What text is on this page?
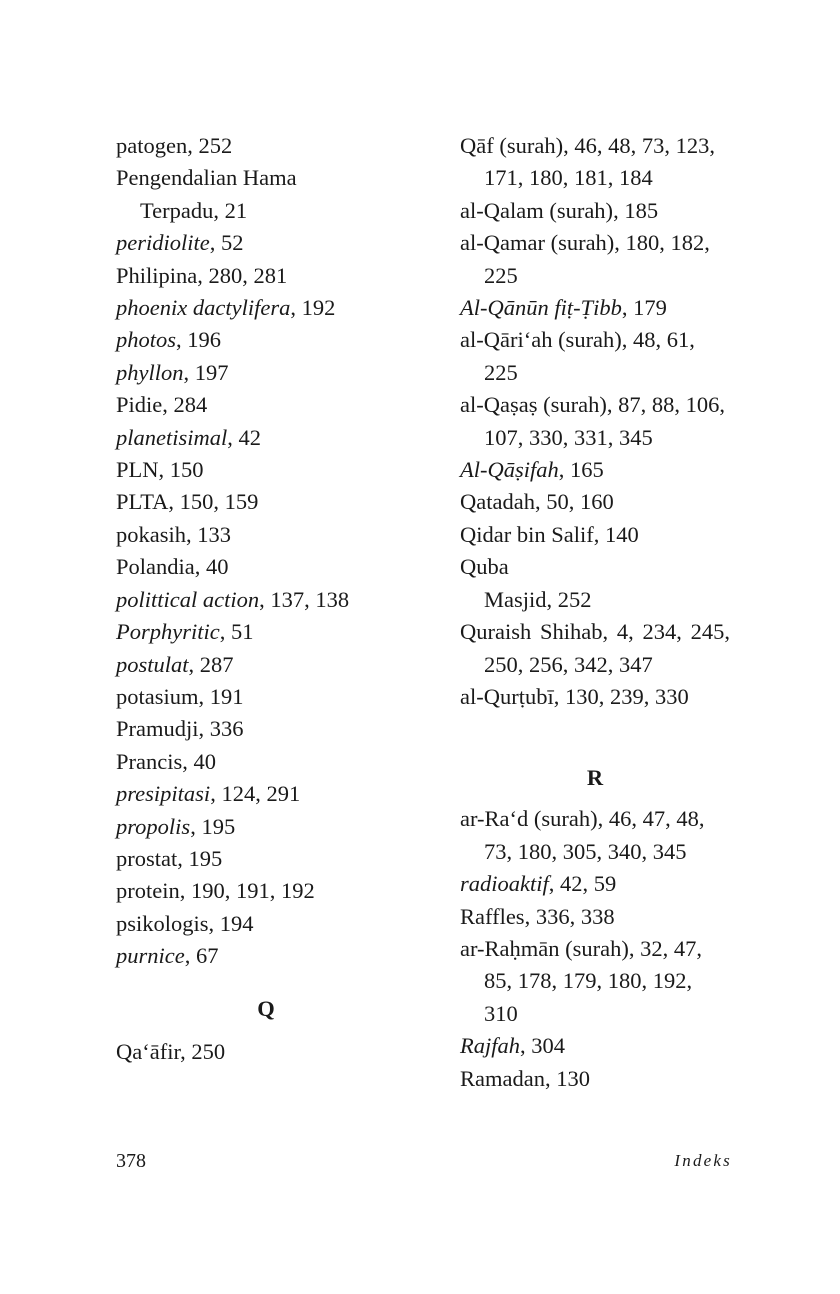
patogen, 252
Pengendalian Hama
Terpadu, 21
peridiolite, 52
Philipina, 280, 281
phoenix dactylifera, 192
photos, 196
phyllon, 197
Pidie, 284
planetisimal, 42
PLN, 150
PLTA, 150, 159
pokasih, 133
Polandia, 40
polittical action, 137, 138
Porphyritic, 51
postulat, 287
potasium, 191
Pramudji, 336
Prancis, 40
presipitasi, 124, 291
propolis, 195
prostat, 195
protein, 190, 191, 192
psikologis, 194
purnice, 67
Q
Qa‘āfir, 250
Qāf (surah), 46, 48, 73, 123, 171, 180, 181, 184
al-Qalam (surah), 185
al-Qamar (surah), 180, 182, 225
Al-Qānūn fiṭ-Ṭibb, 179
al-Qāri‘ah (surah), 48, 61, 225
al-Qaṣaṣ (surah), 87, 88, 106, 107, 330, 331, 345
Al-Qāṣifah, 165
Qatadah, 50, 160
Qidar bin Salif, 140
Quba
Masjid, 252
Quraish Shihab, 4, 234, 245, 250, 256, 342, 347
al-Qurṭubī, 130, 239, 330
R
ar-Ra‘d (surah), 46, 47, 48, 73, 180, 305, 340, 345
radioaktif, 42, 59
Raffles, 336, 338
ar-Raḥmān (surah), 32, 47, 85, 178, 179, 180, 192, 310
Rajfah, 304
Ramadan, 130
378	Indeks
